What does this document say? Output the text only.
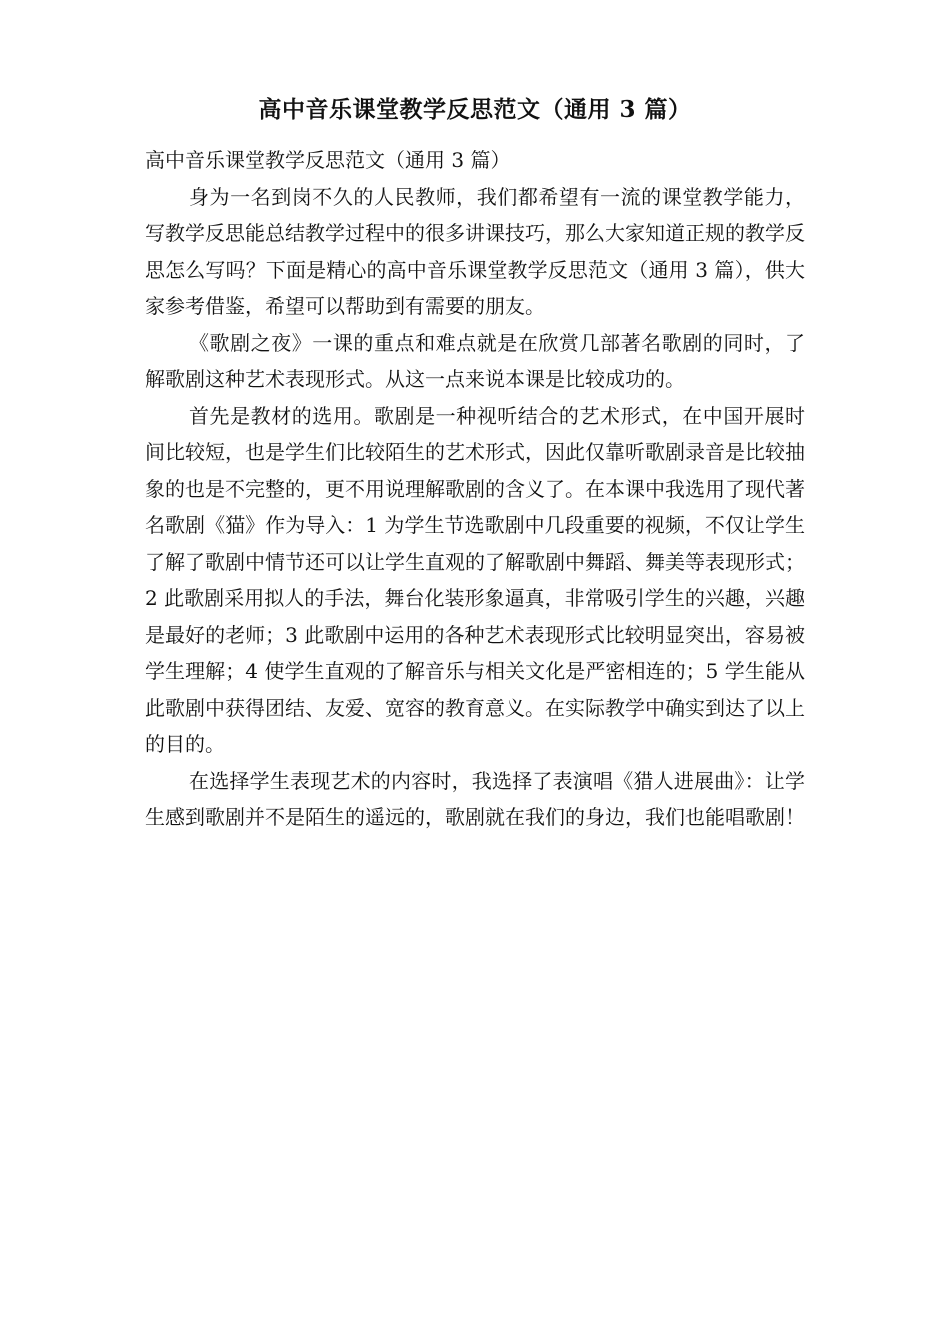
高中音乐课堂教学反思范文（通用 3 篇）

高中音乐课堂教学反思范文（通用 3 篇）

身为一名到岗不久的人民教师，我们都希望有一流的课堂教学能力，写教学反思能总结教学过程中的很多讲课技巧，那么大家知道正规的教学反思怎么写吗？下面是精心的高中音乐课堂教学反思范文（通用 3 篇），供大家参考借鉴，希望可以帮助到有需要的朋友。

《歌剧之夜》一课的重点和难点就是在欣赏几部著名歌剧的同时，了解歌剧这种艺术表现形式。从这一点来说本课是比较成功的。

首先是教材的选用。歌剧是一种视听结合的艺术形式，在中国开展时间比较短，也是学生们比较陌生的艺术形式，因此仅靠听歌剧录音是比较抽象的也是不完整的，更不用说理解歌剧的含义了。在本课中我选用了现代著名歌剧《猫》作为导入：1 为学生节选歌剧中几段重要的视频，不仅让学生了解了歌剧中情节还可以让学生直观的了解歌剧中舞蹈、舞美等表现形式；2 此歌剧采用拟人的手法，舞台化装形象逼真，非常吸引学生的兴趣，兴趣是最好的老师；3 此歌剧中运用的各种艺术表现形式比较明显突出，容易被学生理解；4 使学生直观的了解音乐与相关文化是严密相连的；5 学生能从此歌剧中获得团结、友爱、宽容的教育意义。在实际教学中确实到达了以上的目的。

在选择学生表现艺术的内容时，我选择了表演唱《猎人进展曲》：让学生感到歌剧并不是陌生的遥远的，歌剧就在我们的身边，我们也能唱歌剧！
